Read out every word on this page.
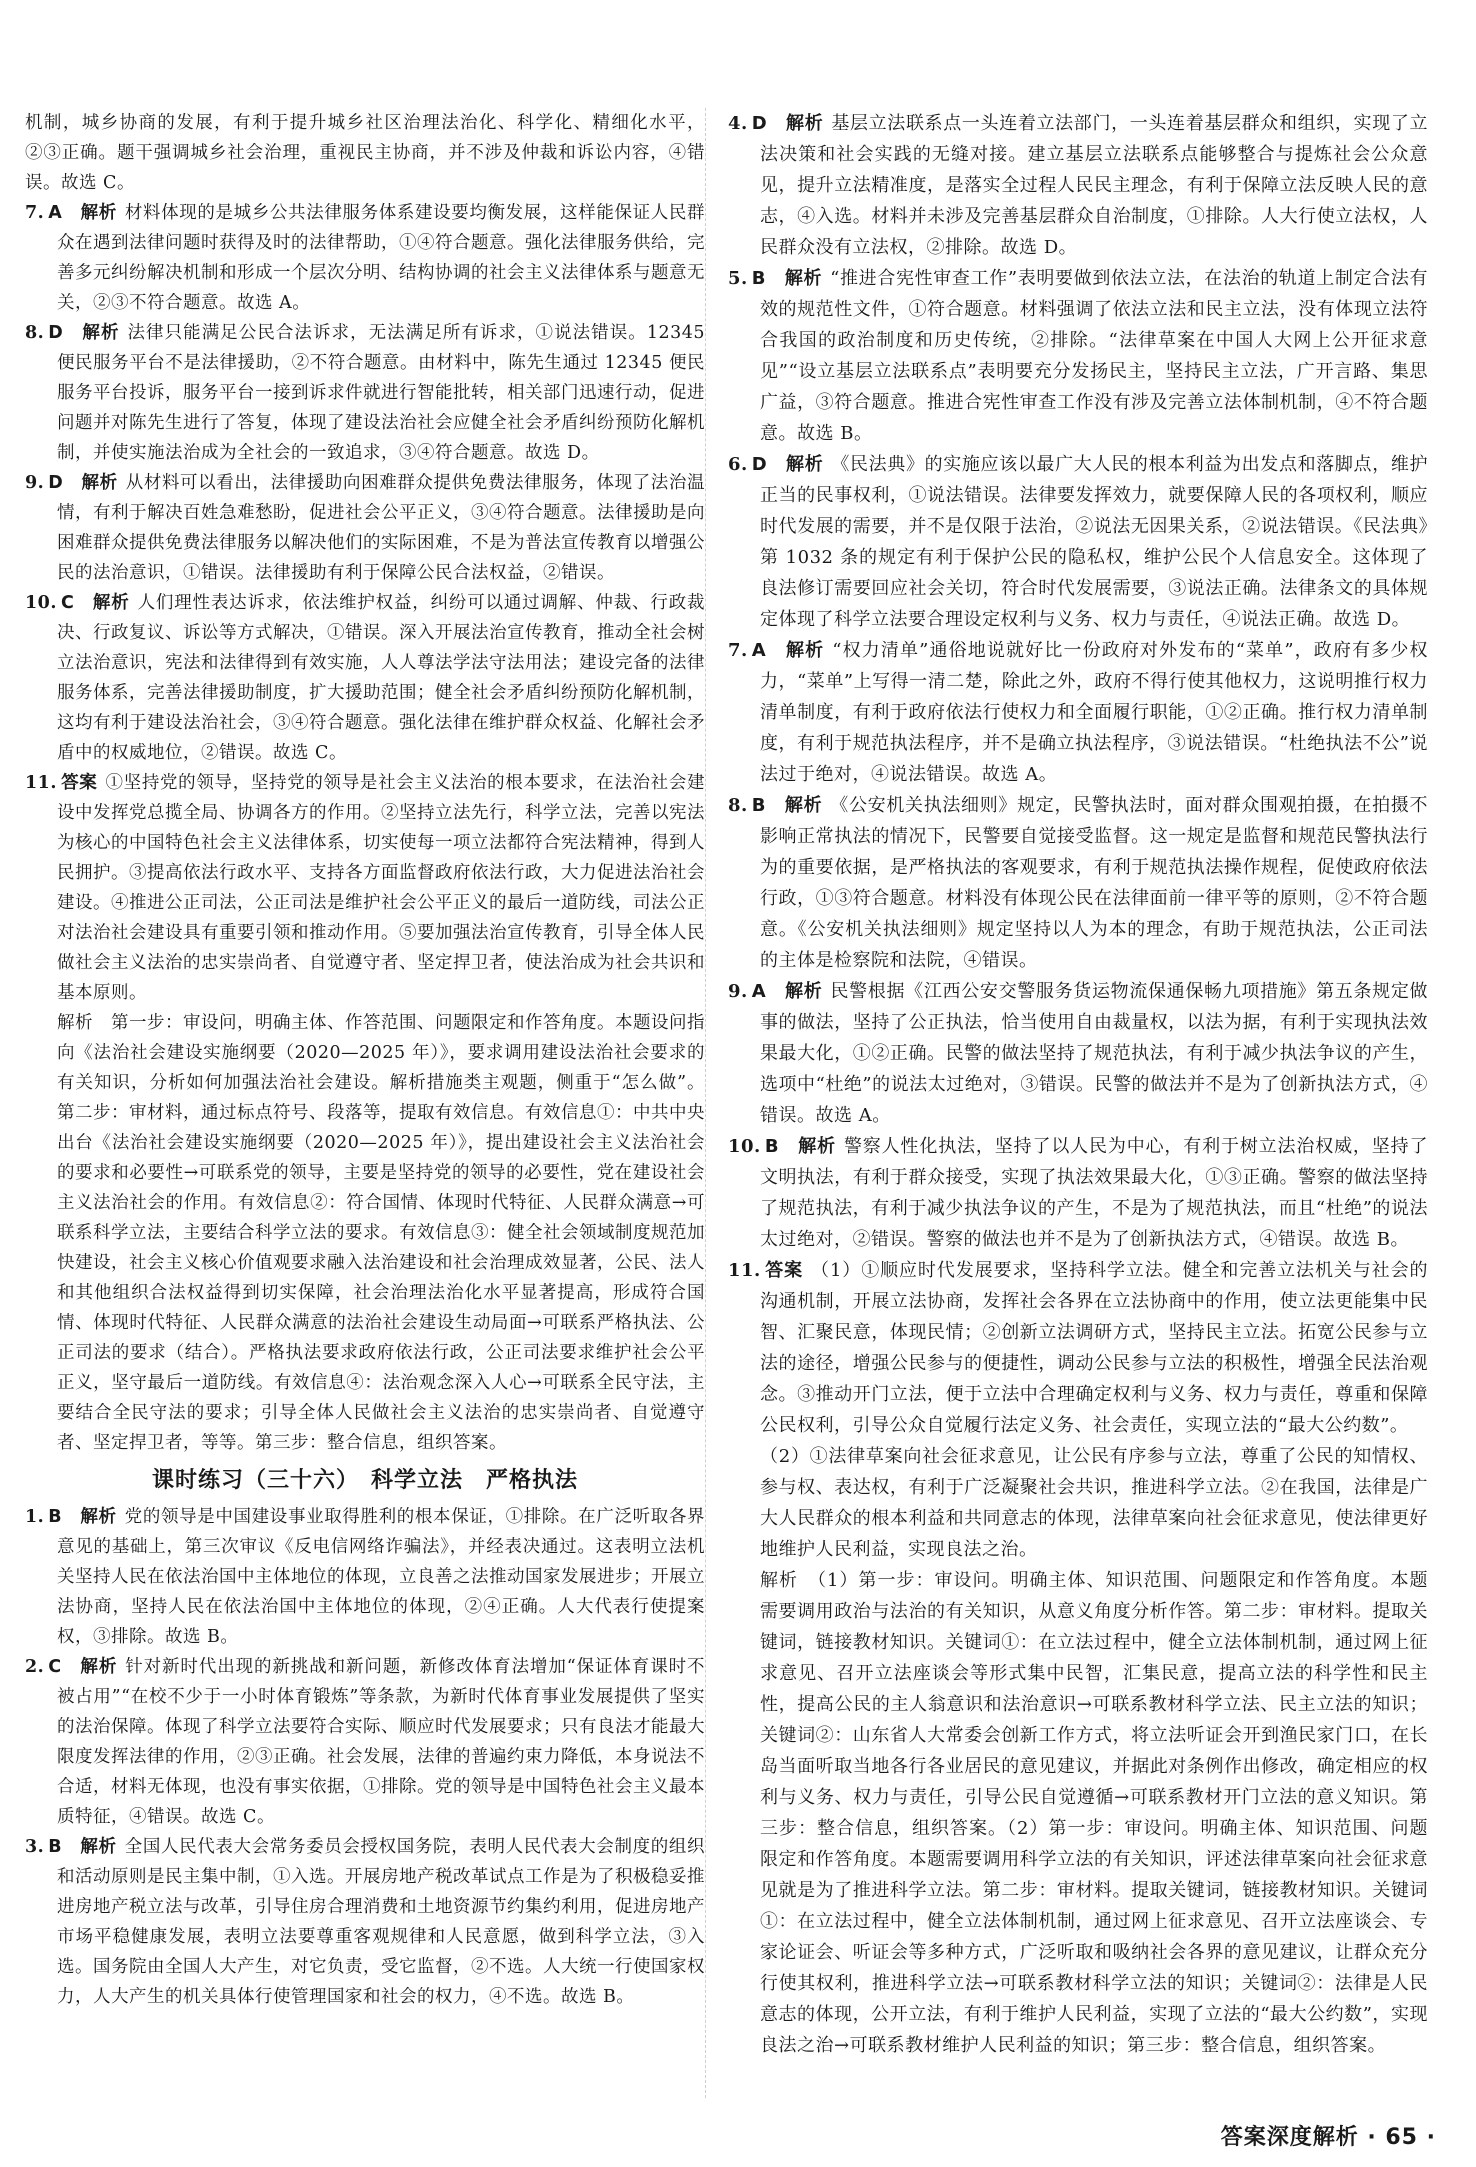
机制，城乡协商的发展，有利于提升城乡社区治理法治化、科学化、精细化水平，②③正确。题干强调城乡社会治理，重视民主协商，并不涉及仲裁和诉讼内容，④错误。故选 C。

7. A　解析 材料体现的是城乡公共法律服务体系建设要均衡发展，这样能保证人民群众在遇到法律问题时获得及时的法律帮助，①④符合题意。强化法律服务供给，完善多元纠纷解决机制和形成一个层次分明、结构协调的社会主义法律体系与题意无关，②③不符合题意。故选 A。
8. D　解析 法律只能满足公民合法诉求，无法满足所有诉求，①说法错误。12345 便民服务平台不是法律援助，②不符合题意。由材料中，陈先生通过 12345 便民服务平台投诉，服务平台一接到诉求件就进行智能批转，相关部门迅速行动，促进问题并对陈先生进行了答复，体现了建设法治社会应健全社会矛盾纠纷预防化解机制，并使实施法治成为全社会的一致追求，③④符合题意。故选 D。
9. D　解析 从材料可以看出，法律援助向困难群众提供免费法律服务，体现了法治温情，有利于解决百姓急难愁盼，促进社会公平正义，③④符合题意。法律援助是向困难群众提供免费法律服务以解决他们的实际困难，不是为普法宣传教育以增强公民的法治意识，①错误。法律援助有利于保障公民合法权益，②错误。
10. C　解析 人们理性表达诉求，依法维护权益，纠纷可以通过调解、仲裁、行政裁决、行政复议、诉讼等方式解决，①错误。深入开展法治宣传教育，推动全社会树立法治意识，宪法和法律得到有效实施，人人尊法学法守法用法；建设完备的法律服务体系，完善法律援助制度，扩大援助范围；健全社会矛盾纠纷预防化解机制，这均有利于建设法治社会，③④符合题意。强化法律在维护群众权益、化解社会矛盾中的权威地位，②错误。故选 C。
11. 答案 ①坚持党的领导，坚持党的领导是社会主义法治的根本要求，在法治社会建设中发挥党总揽全局、协调各方的作用。②坚持立法先行，科学立法，完善以宪法为核心的中国特色社会主义法律体系，切实使每一项立法都符合宪法精神，得到人民拥护。③提高依法行政水平、支持各方面监督政府依法行政，大力促进法治社会建设。④推进公正司法，公正司法是维护社会公平正义的最后一道防线，司法公正对法治社会建设具有重要引领和推动作用。⑤要加强法治宣传教育，引导全体人民做社会主义法治的忠实崇尚者、自觉遵守者、坚定捍卫者，使法治成为社会共识和基本原则。

解析　第一步：审设问，明确主体、作答范围、问题限定和作答角度。本题设问指向《法治社会建设实施纲要（2020—2025 年）》，要求调用建设法治社会要求的有关知识，分析如何加强法治社会建设。解析措施类主观题，侧重于“怎么做”。第二步：审材料，通过标点符号、段落等，提取有效信息。有效信息①：中共中央出台《法治社会建设实施纲要（2020—2025 年）》，提出建设社会主义法治社会的要求和必要性→可联系党的领导，主要是坚持党的领导的必要性，党在建设社会主义法治社会的作用。有效信息②：符合国情、体现时代特征、人民群众满意→可联系科学立法，主要结合科学立法的要求。有效信息③：健全社会领域制度规范加快建设，社会主义核心价值观要求融入法治建设和社会治理成效显著，公民、法人和其他组织合法权益得到切实保障，社会治理法治化水平显著提高，形成符合国情、体现时代特征、人民群众满意的法治社会建设生动局面→可联系严格执法、公正司法的要求（结合）。严格执法要求政府依法行政，公正司法要求维护社会公平正义，坚守最后一道防线。有效信息④：法治观念深入人心→可联系全民守法，主要结合全民守法的要求；引导全体人民做社会主义法治的忠实崇尚者、自觉遵守者、坚定捍卫者，等等。第三步：整合信息，组织答案。

课时练习（三十六）　科学立法　严格执法
1. B　解析 党的领导是中国建设事业取得胜利的根本保证，①排除。在广泛听取各界意见的基础上，第三次审议《反电信网络诈骗法》，并经表决通过。这表明立法机关坚持人民在依法治国中主体地位的体现，立良善之法推动国家发展进步；开展立法协商，坚持人民在依法治国中主体地位的体现，②④正确。人大代表行使提案权，③排除。故选 B。
2. C　解析 针对新时代出现的新挑战和新问题，新修改体育法增加“保证体育课时不被占用”“在校不少于一小时体育锻炼”等条款，为新时代体育事业发展提供了坚实的法治保障。体现了科学立法要符合实际、顺应时代发展要求；只有良法才能最大限度发挥法律的作用，②③正确。社会发展，法律的普遍约束力降低，本身说法不合适，材料无体现，也没有事实依据，①排除。党的领导是中国特色社会主义最本质特征，④错误。故选 C。
3. B　解析 全国人民代表大会常务委员会授权国务院，表明人民代表大会制度的组织和活动原则是民主集中制，①入选。开展房地产税改革试点工作是为了积极稳妥推进房地产税立法与改革，引导住房合理消费和土地资源节约集约利用，促进房地产市场平稳健康发展，表明立法要尊重客观规律和人民意愿，做到科学立法，③入选。国务院由全国人大产生，对它负责，受它监督，②不选。人大统一行使国家权力，人大产生的机关具体行使管理国家和社会的权力，④不选。故选 B。
4. D　解析 基层立法联系点一头连着立法部门，一头连着基层群众和组织，实现了立法决策和社会实践的无缝对接。建立基层立法联系点能够整合与提炼社会公众意见，提升立法精准度，是落实全过程人民民主理念，有利于保障立法反映人民的意志，④入选。材料并未涉及完善基层群众自治制度，①排除。人大行使立法权，人民群众没有立法权，②排除。故选 D。
5. B　解析 “推进合宪性审查工作”表明要做到依法立法，在法治的轨道上制定合法有效的规范性文件，①符合题意。材料强调了依法立法和民主立法，没有体现立法符合我国的政治制度和历史传统，②排除。“法律草案在中国人大网上公开征求意见”“设立基层立法联系点”表明要充分发扬民主，坚持民主立法，广开言路、集思广益，③符合题意。推进合宪性审查工作没有涉及完善立法体制机制，④不符合题意。故选 B。
6. D　解析 《民法典》的实施应该以最广大人民的根本利益为出发点和落脚点，维护正当的民事权利，①说法错误。法律要发挥效力，就要保障人民的各项权利，顺应时代发展的需要，并不是仅限于法治，②说法无因果关系，②说法错误。《民法典》第 1032 条的规定有利于保护公民的隐私权，维护公民个人信息安全。这体现了良法修订需要回应社会关切，符合时代发展需要，③说法正确。法律条文的具体规定体现了科学立法要合理设定权利与义务、权力与责任，④说法正确。故选 D。
7. A　解析 “权力清单”通俗地说就好比一份政府对外发布的“菜单”，政府有多少权力，“菜单”上写得一清二楚，除此之外，政府不得行使其他权力，这说明推行权力清单制度，有利于政府依法行使权力和全面履行职能，①②正确。推行权力清单制度，有利于规范执法程序，并不是确立执法程序，③说法错误。“杜绝执法不公”说法过于绝对，④说法错误。故选 A。
8. B　解析 《公安机关执法细则》规定，民警执法时，面对群众围观拍摄，在拍摄不影响正常执法的情况下，民警要自觉接受监督。这一规定是监督和规范民警执法行为的重要依据，是严格执法的客观要求，有利于规范执法操作规程，促使政府依法行政，①③符合题意。材料没有体现公民在法律面前一律平等的原则，②不符合题意。《公安机关执法细则》规定坚持以人为本的理念，有助于规范执法，公正司法的主体是检察院和法院，④错误。
9. A　解析 民警根据《江西公安交警服务货运物流保通保畅九项措施》第五条规定做事的做法，坚持了公正执法，恰当使用自由裁量权，以法为据，有利于实现执法效果最大化，①②正确。民警的做法坚持了规范执法，有利于减少执法争议的产生，选项中“杜绝”的说法太过绝对，③错误。民警的做法并不是为了创新执法方式，④错误。故选 A。
10. B　解析 警察人性化执法，坚持了以人民为中心，有利于树立法治权威，坚持了文明执法，有利于群众接受，实现了执法效果最大化，①③正确。警察的做法坚持了规范执法，有利于减少执法争议的产生，不是为了规范执法，而且“杜绝”的说法太过绝对，②错误。警察的做法也并不是为了创新执法方式，④错误。故选 B。
11. 答案 （1）①顺应时代发展要求，坚持科学立法。健全和完善立法机关与社会的沟通机制，开展立法协商，发挥社会各界在立法协商中的作用，使立法更能集中民智、汇聚民意，体现民情；②创新立法调研方式，坚持民主立法。拓宽公民参与立法的途径，增强公民参与的便捷性，调动公民参与立法的积极性，增强全民法治观念。③推动开门立法，便于立法中合理确定权利与义务、权力与责任，尊重和保障公民权利，引导公众自觉履行法定义务、社会责任，实现立法的“最大公约数”。

（2）①法律草案向社会征求意见，让公民有序参与立法，尊重了公民的知情权、参与权、表达权，有利于广泛凝聚社会共识，推进科学立法。②在我国，法律是广大人民群众的根本利益和共同意志的体现，法律草案向社会征求意见，使法律更好地维护人民利益，实现良法之治。

解析　（1）第一步：审设问。明确主体、知识范围、问题限定和作答角度。本题需要调用政治与法治的有关知识，从意义角度分析作答。第二步：审材料。提取关键词，链接教材知识。关键词①：在立法过程中，健全立法体制机制，通过网上征求意见、召开立法座谈会等形式集中民智，汇集民意，提高立法的科学性和民主性，提高公民的主人翁意识和法治意识→可联系教材科学立法、民主立法的知识；关键词②：山东省人大常委会创新工作方式，将立法听证会开到渔民家门口，在长岛当面听取当地各行各业居民的意见建议，并据此对条例作出修改，确定相应的权利与义务、权力与责任，引导公民自觉遵循→可联系教材开门立法的意义知识。第三步：整合信息，组织答案。（2）第一步：审设问。明确主体、知识范围、问题限定和作答角度。本题需要调用科学立法的有关知识，评述法律草案向社会征求意见就是为了推进科学立法。第二步：审材料。提取关键词，链接教材知识。关键词①：在立法过程中，健全立法体制机制，通过网上征求意见、召开立法座谈会、专家论证会、听证会等多种方式，广泛听取和吸纳社会各界的意见建议，让群众充分行使其权利，推进科学立法→可联系教材科学立法的知识；关键词②：法律是人民意志的体现，公开立法，有利于维护人民利益，实现了立法的“最大公约数”，实现良法之治→可联系教材维护人民利益的知识；第三步：整合信息，组织答案。

答案深度解析 · 65 ·
